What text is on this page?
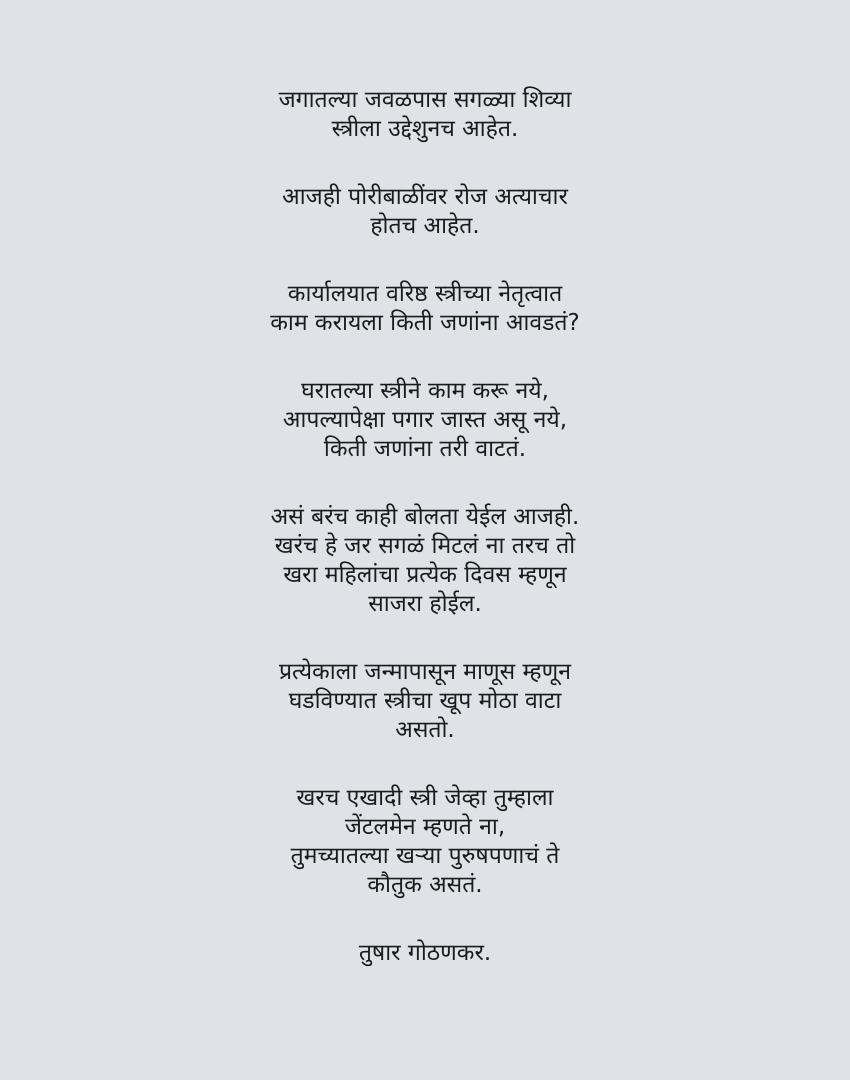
जगातल्या जवळपास सगळ्या शिव्या
स्त्रीला उद्देशुनच आहेत.
आजही पोरीबाळींवर रोज अत्याचार
होतच आहेत.
कार्यालयात वरिष्ठ स्त्रीच्या नेतृत्वात
काम करायला किती जणांना आवडतं?
घरातल्या स्त्रीने काम करू नये,
आपल्यापेक्षा पगार जास्त असू नये,
किती जणांना तरी वाटतं.
असं बरंच काही बोलता येईल आजही.
खरंच हे जर सगळं मिटलं ना तरच तो
खरा महिलांचा प्रत्येक दिवस म्हणून
साजरा होईल.
प्रत्येकाला जन्मापासून माणूस म्हणून
घडविण्यात स्त्रीचा खूप मोठा वाटा
असतो.
खरच एखादी स्त्री जेव्हा तुम्हाला
जेंटलमेन म्हणते ना,
तुमच्यातल्या खऱ्या पुरुषपणाचं ते
कौतुक असतं.
तुषार गोठणकर.
